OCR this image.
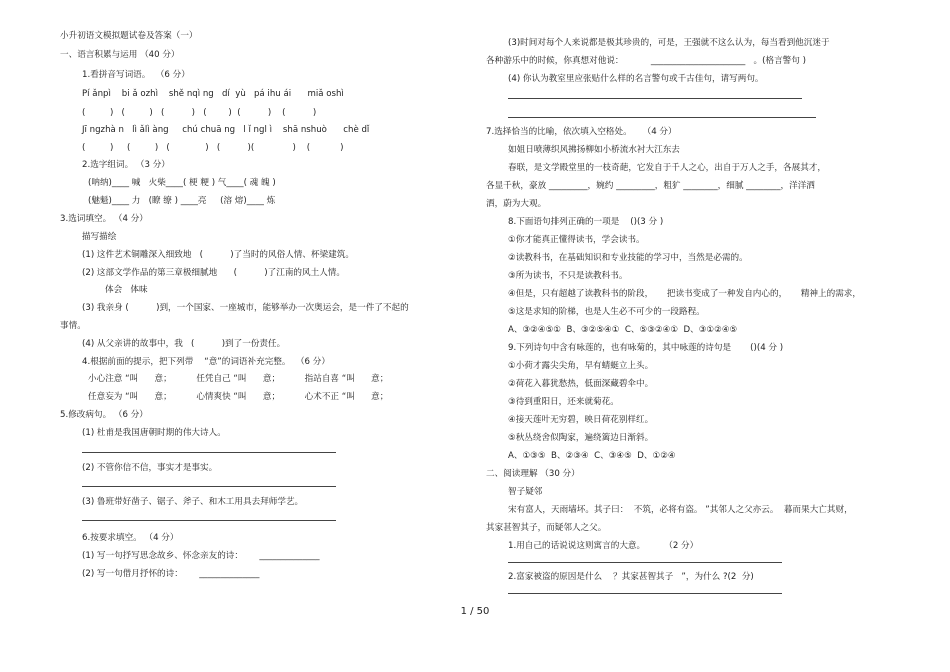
小升初语文模拟题试卷及答案（一）
一、语言积累与运用 （40 分）
1.看拼音写词语。  （6 分）
Pí ǎnpì    bi ǎ ozhì    shě nqì ng   dí  yù   pá ihu ái      miǎ oshì
(         )   (         )   (          )   (        )  (          )    (          )
Jī ngzhà n   lì ǎlì àng     chú chuā ng   l ǐ ngl ì    shā nshuò      chè dǐ
(         )     (         )   (             )   (          )(              )    (           )
2.选字组词。 （3 分）
(呐纳)____ 喊   火柴____( 梗 粳 ) 气____( 魂 魄 )
(魅魁)____ 力   (瞭 缭 ) ____亮     (溶 熔)____ 炼
3.选词填空。 （4 分）
描写描绘
(1) 这件艺术铜雕深入细致地   (          )了当时的风俗人情、杯梁建筑。
(2) 这部文学作品的第三章极细腻地      (          )了江南的风土人情。
体会   体味
(3) 我亲身 (          )到，一个国家、一座城市，能够举办一次奥运会，是一件了不起的
事情。
(4) 从父亲讲的故事中，我   (          )到了一份责任。
4.根据前面的提示，把下列带    “意”的词语补充完整。  （6 分）
小心注意 “叫      意；         任凭自己 “叫      意；         指站自喜 “叫      意；
任意妄为 “叫      意；         心情爽快 “叫      意；         心术不正 “叫      意；
5.修改病句。 （6 分）
(1) 杜甫是我国唐朝时期的伟大诗人。
(2) 不管你信不信，事实才是事实。
(3) 鲁班带好凿子、锯子、斧子、和木工用具去拜师学艺。
6.按要求填空。 （4 分）
(1) 写一句抒写思念故乡、怀念亲友的诗：      ______________
(2) 写一句借月抒怀的诗：      ______________
(3)时间对每个人来说都是极其珍贵的，可是，王强就不这么认为，每当看到他沉迷于
各种游乐中的时候，你真想对他说：          ______________________   。(格言警句 )
(4) 你认为教室里应张贴什么样的名言警句或千古佳句，请写两句。
7.选择恰当的比喻，依次填入空格处。    （4 分）
如姐日喷薄织风拂扬柳如小桥流水衬大江东去
春联，是文学殿堂里的一枝奇葩，它发自于千人之心，出自于万人之手，各展其才，
各显千秋，豪放 _________，婉约 _________，粗犷 ________，细腻 ________，洋洋洒
洒，蔚为大观。
8.下面语句排列正确的一项是    ()(3 分 )
①你才能真正懂得读书，学会读书。
②读教科书，在基础知识和专业技能的学习中，当然是必需的。
③所为读书，不只是读教科书。
④但是，只有超越了读教科书的阶段，     把读书变成了一种发自内心的，     精神上的需求，
⑤这是求知的阶梯，也是人生必不可少的一段路程。
A、③②④⑤①  B、③②⑤④①  C、⑤③②④①  D、③①②④⑤
9.下列诗句中含有咏莲的，也有咏菊的，其中咏莲的诗句是       ()(4 分 )
①小荷才露尖尖角，早有蜻蜓立上头。
②荷花入暮犹愁热，低面深藏碧伞中。
③待到重阳日，还来就菊花。
④接天莲叶无穷碧，映日荷花别样红。
⑤秋丛绕舍似陶家，遍绕篱边日渐斜。
A、①③⑤  B、②③④  C、③④⑤  D、①②④
二、阅读理解 （30 分）
智子疑邻
宋有富人，天雨墙坏。其子曰：  不筑，必将有盗。 ”其邻人之父亦云。  暮而果大亡其财，
其家甚智其子，而疑邻人之父。
1.用自己的话说说这则寓言的大意。       （2 分）
2.富家被盗的原因是什么    ？其家甚智其子   ”，为什么 ?(2  分)
1 / 50
